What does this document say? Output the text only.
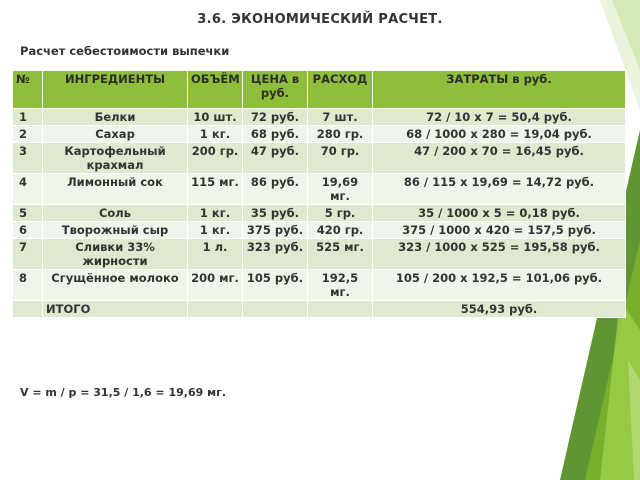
3.6. ЭКОНОМИЧЕСКИЙ РАСЧЕТ.
Расчет себестоимости выпечки
№	ИНГРЕДИЕНТЫ	ОБЪЁМ	ЦЕНА в руб.	РАСХОД	ЗАТРАТЫ в руб.
1	Белки	10 шт.	72 руб.	7 шт.	72 / 10 x 7 = 50,4 руб.
2	Сахар	1 кг.	68 руб.	280 гр.	68 / 1000 x 280 = 19,04 руб.
3	Картофельный крахмал	200 гр.	47 руб.	70 гр.	47 / 200 x 70 = 16,45 руб.
4	Лимонный сок	115 мг.	86 руб.	19,69 мг.	86 / 115 x 19,69 = 14,72 руб.
5	Соль	1 кг.	35 руб.	5 гр.	35 / 1000 x 5 = 0,18 руб.
6	Творожный сыр	1 кг.	375 руб.	420 гр.	375 / 1000 x 420 = 157,5 руб.
7	Сливки 33% жирности	1 л.	323 руб.	525 мг.	323 / 1000 x 525 = 195,58 руб.
8	Сгущённое молоко	200 мг.	105 руб.	192,5 мг.	105 / 200 x 192,5 = 101,06 руб.
	ИТОГО				554,93 руб.
V = m / p = 31,5 / 1,6 = 19,69 мг.
